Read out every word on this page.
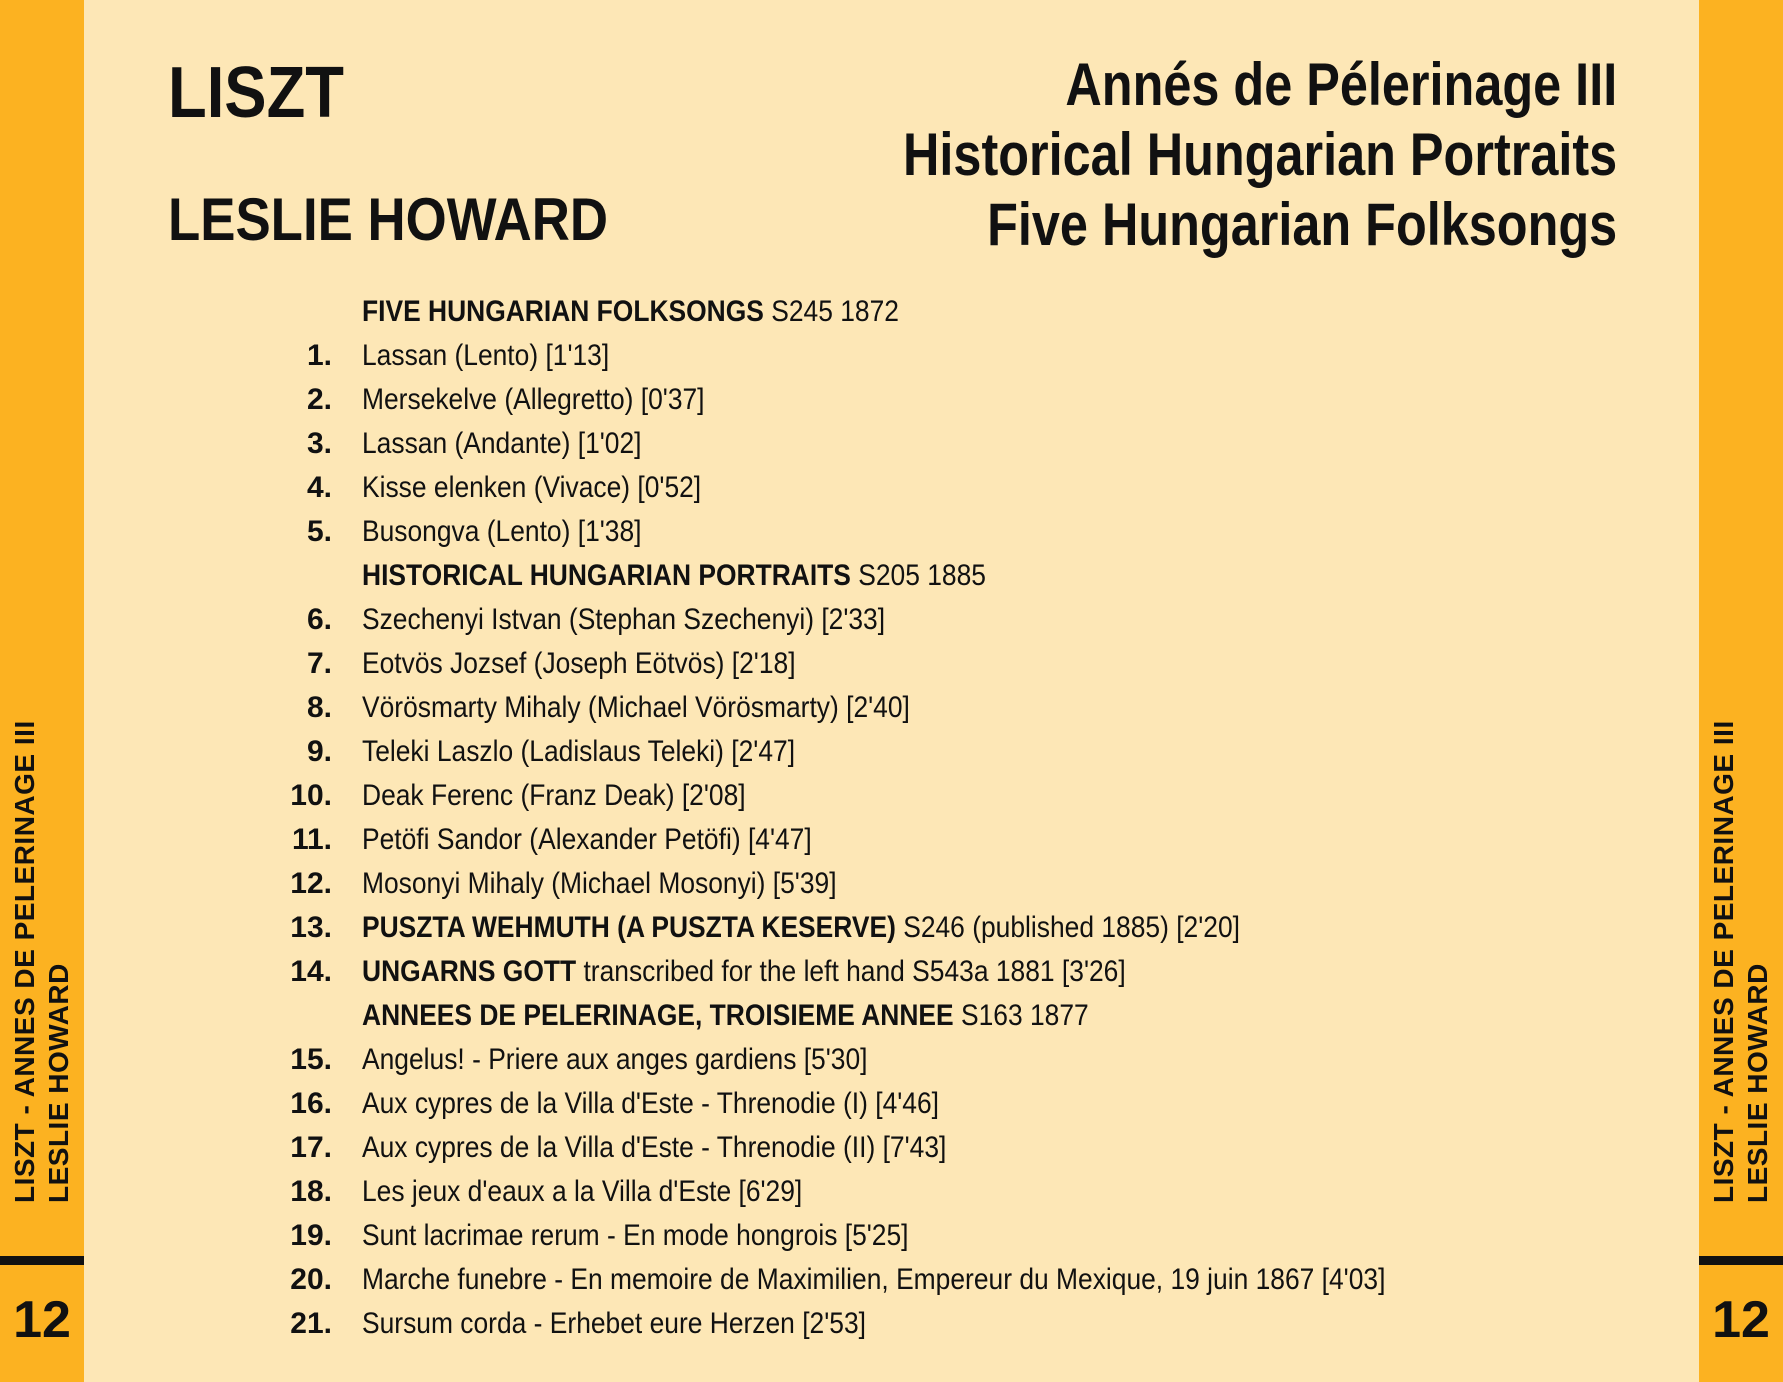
LISZT - ANNES DE PELERINAGE III LESLIE HOWARD
12
LISZT - ANNES DE PELERINAGE III LESLIE HOWARD
12
LISZT
LESLIE HOWARD
Annés de Pélerinage III
Historical Hungarian Portraits
Five Hungarian Folksongs
FIVE HUNGARIAN FOLKSONGS S245 1872
1. Lassan (Lento) [1'13]
2. Mersekelve (Allegretto) [0'37]
3. Lassan (Andante) [1'02]
4. Kisse elenken (Vivace) [0'52]
5. Busongva (Lento) [1'38]
HISTORICAL HUNGARIAN PORTRAITS S205 1885
6. Szechenyi Istvan (Stephan Szechenyi) [2'33]
7. Eotvös Jozsef (Joseph Eötvös) [2'18]
8. Vörösmarty Mihaly (Michael Vörösmarty) [2'40]
9. Teleki Laszlo (Ladislaus Teleki) [2'47]
10. Deak Ferenc (Franz Deak) [2'08]
11. Petöfi Sandor (Alexander Petöfi) [4'47]
12. Mosonyi Mihaly (Michael Mosonyi) [5'39]
13. PUSZTA WEHMUTH (A PUSZTA KESERVE) S246 (published 1885) [2'20]
14. UNGARNS GOTT transcribed for the left hand S543a 1881 [3'26]
ANNEES DE PELERINAGE, TROISIEME ANNEE S163 1877
15. Angelus! - Priere aux anges gardiens [5'30]
16. Aux cypres de la Villa d'Este - Threnodie (I) [4'46]
17. Aux cypres de la Villa d'Este - Threnodie (II) [7'43]
18. Les jeux d'eaux a la Villa d'Este [6'29]
19. Sunt lacrimae rerum - En mode hongrois [5'25]
20. Marche funebre - En memoire de Maximilien, Empereur du Mexique, 19 juin 1867 [4'03]
21. Sursum corda - Erhebet eure Herzen [2'53]
